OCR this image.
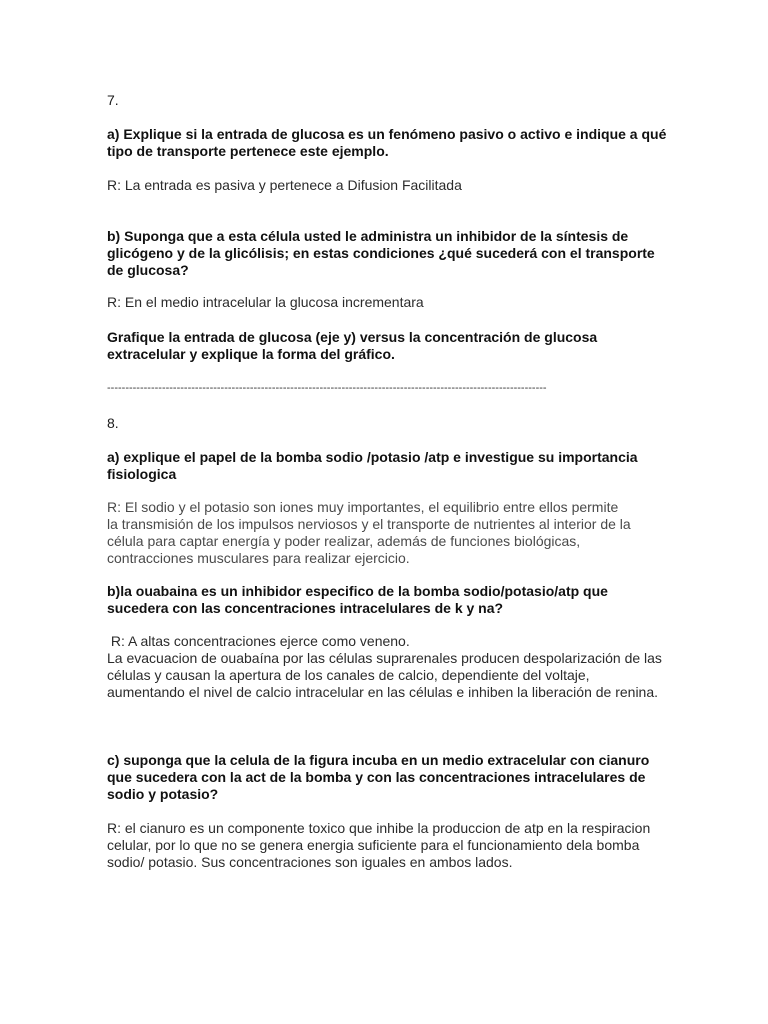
7.

a) Explique si la entrada de glucosa es un fenómeno pasivo o activo e indique a qué
tipo de transporte pertenece este ejemplo.

R: La entrada es pasiva y pertenece a Difusion Facilitada

b) Suponga que a esta célula usted le administra un inhibidor de la síntesis de
glicógeno y de la glicólisis; en estas condiciones ¿qué sucederá con el transporte
de glucosa?

R: En el medio intracelular la glucosa incrementara

Grafique la entrada de glucosa (eje y) versus la concentración de glucosa
extracelular y explique la forma del gráfico.
------------------------------------------------------------------------------------------------------------------------

8.

a) explique el papel de la bomba sodio /potasio /atp e investigue su importancia
fisiologica
R: El sodio y el potasio son iones muy importantes, el equilibrio entre ellos permite
la transmisión de los impulsos nerviosos y el transporte de nutrientes al interior de la
célula para captar energía y poder realizar, además de funciones biológicas,
contracciones musculares para realizar ejercicio.
b)la ouabaina es un inhibidor especifico de la bomba sodio/potasio/atp que
sucedera con las concentraciones intracelulares de k y na?
R: A altas concentraciones ejerce como veneno.
La evacuacion de ouabaína por las células suprarenales producen despolarización de las
células y causan la apertura de los canales de calcio, dependiente del voltaje,
aumentando el nivel de calcio intracelular en las células e inhiben la liberación de renina.
c) suponga que la celula de la figura incuba en un medio extracelular con cianuro
que sucedera con la act de la bomba y con las concentraciones intracelulares de
sodio y potasio?
R: el cianuro es un componente toxico que inhibe la produccion de atp en la respiracion
celular, por lo que no se genera energia suficiente para el funcionamiento dela bomba
sodio/ potasio. Sus concentraciones son iguales en ambos lados.
